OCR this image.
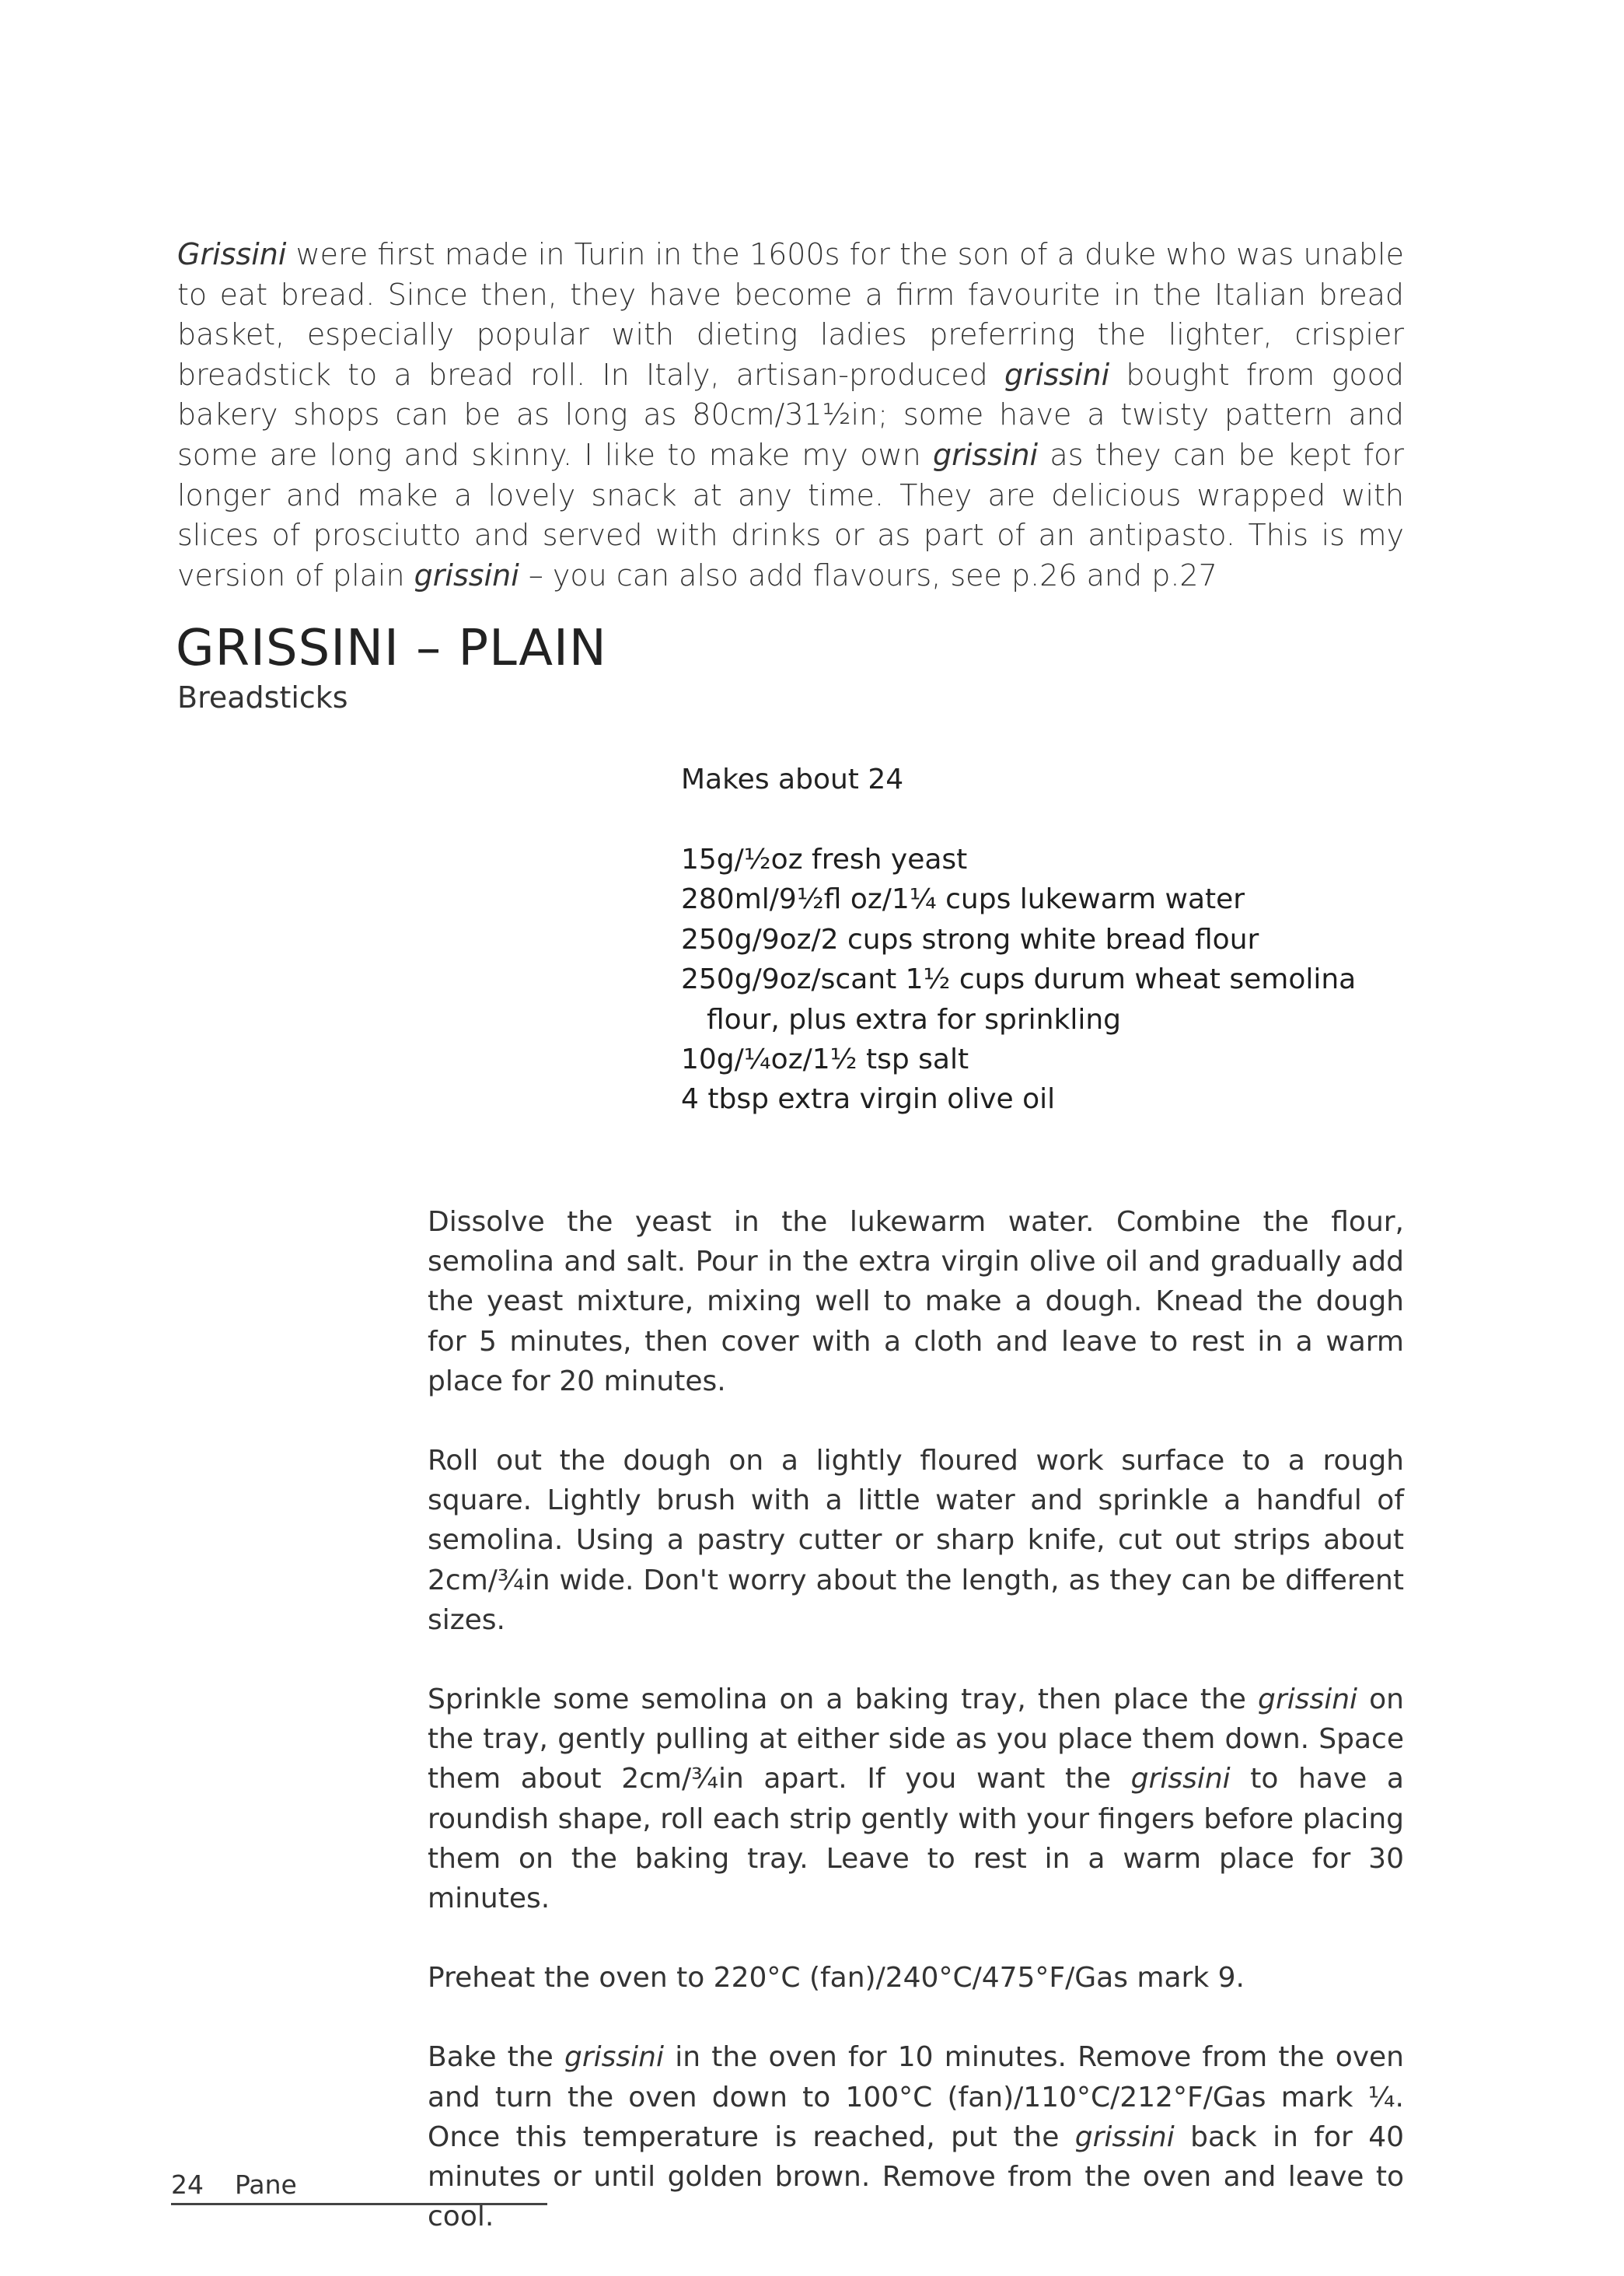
Grissini were first made in Turin in the 1600s for the son of a duke who was unable to eat bread. Since then, they have become a firm favourite in the Italian bread basket, especially popular with dieting ladies preferring the lighter, crispier breadstick to a bread roll. In Italy, artisan-produced grissini bought from good bakery shops can be as long as 80cm/31½in; some have a twisty pattern and some are long and skinny. I like to make my own grissini as they can be kept for longer and make a lovely snack at any time. They are delicious wrapped with slices of prosciutto and served with drinks or as part of an antipasto. This is my version of plain grissini – you can also add flavours, see p.26 and p.27
GRISSINI – PLAIN
Breadsticks
Makes about 24
15g/½oz fresh yeast
280ml/9½fl oz/1¼ cups lukewarm water
250g/9oz/2 cups strong white bread flour
250g/9oz/scant 1½ cups durum wheat semolina
flour, plus extra for sprinkling
10g/¼oz/1½ tsp salt
4 tbsp extra virgin olive oil

Dissolve the yeast in the lukewarm water. Combine the flour, semolina and salt. Pour in the extra virgin olive oil and gradually add the yeast mixture, mixing well to make a dough. Knead the dough for 5 minutes, then cover with a cloth and leave to rest in a warm place for 20 minutes.

Roll out the dough on a lightly floured work surface to a rough square. Lightly brush with a little water and sprinkle a handful of semolina. Using a pastry cutter or sharp knife, cut out strips about 2cm/¾in wide. Don't worry about the length, as they can be different sizes.

Sprinkle some semolina on a baking tray, then place the grissini on the tray, gently pulling at either side as you place them down. Space them about 2cm/¾in apart. If you want the grissini to have a roundish shape, roll each strip gently with your fingers before placing them on the baking tray. Leave to rest in a warm place for 30 minutes.

Preheat the oven to 220°C (fan)/240°C/475°F/Gas mark 9.

Bake the grissini in the oven for 10 minutes. Remove from the oven and turn the oven down to 100°C (fan)/110°C/212°F/Gas mark ¼. Once this temperature is reached, put the grissini back in for 40 minutes or until golden brown. Remove from the oven and leave to cool.

24 Pane
